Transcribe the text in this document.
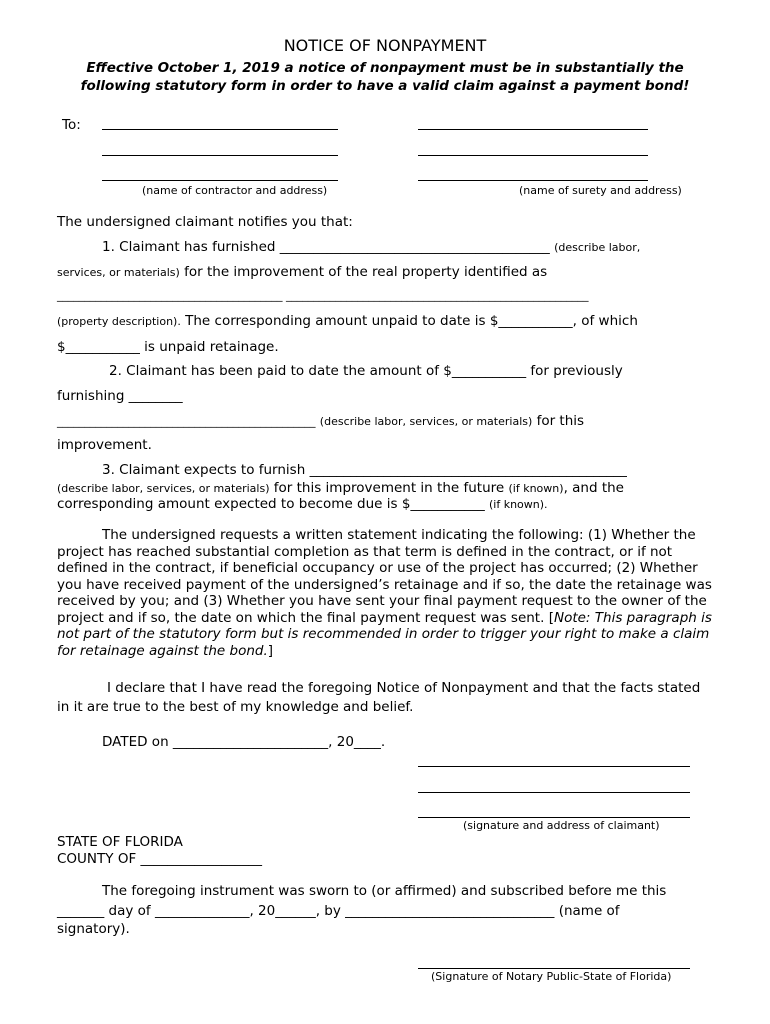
NOTICE OF NONPAYMENT
Effective October 1, 2019 a notice of nonpayment must be in substantially the
following statutory form in order to have a valid claim against a payment bond!
To:
(name of contractor and address)	(name of surety and address)
The undersigned claimant notifies you that:
1. Claimant has furnished ________________________________________ (describe labor,
services, or materials) for the improvement of the real property identified as
_________________________________________ _______________________________________________________
(property description). The corresponding amount unpaid to date is $___________, of which
$___________ is unpaid retainage.
2. Claimant has been paid to date the amount of $___________ for previously
furnishing ________
_______________________________________________ (describe labor, services, or materials) for this
improvement.
3. Claimant expects to furnish _______________________________________________
(describe labor, services, or materials) for this improvement in the future (if known), and the
corresponding amount expected to become due is $___________ (if known).
The undersigned requests a written statement indicating the following: (1) Whether the project has reached substantial completion as that term is defined in the contract, or if not defined in the contract, if beneficial occupancy or use of the project has occurred; (2) Whether you have received payment of the undersigned’s retainage and if so, the date the retainage was received by you; and (3) Whether you have sent your final payment request to the owner of the project and if so, the date on which the final payment request was sent. [Note: This paragraph is not part of the statutory form but is recommended in order to trigger your right to make a claim for retainage against the bond.]
I declare that I have read the foregoing Notice of Nonpayment and that the facts stated
in it are true to the best of my knowledge and belief.
DATED on _______________________, 20____.
(signature and address of claimant)
STATE OF FLORIDA
COUNTY OF __________________
The foregoing instrument was sworn to (or affirmed) and subscribed before me this
_______ day of ______________, 20______, by _______________________________ (name of
signatory).
(Signature of Notary Public-State of Florida)
